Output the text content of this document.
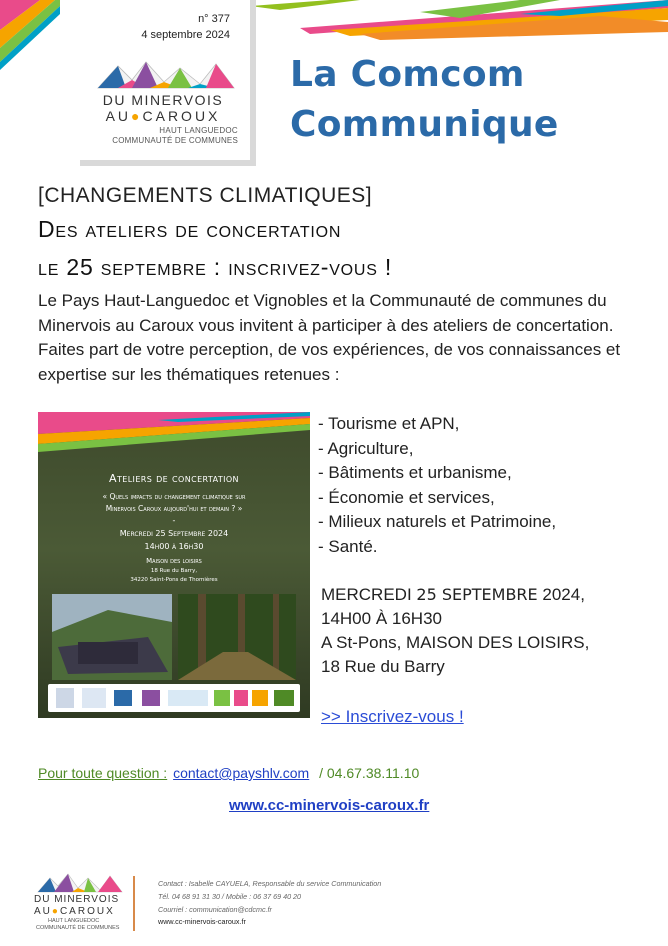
n° 377
4 septembre 2024
DU MINERVOIS
AU●CAROUX
HAUT LANGUEDOC
COMMUNAUTÉ DE COMMUNES
La Comcom
Communique
[CHANGEMENTS CLIMATIQUES]
Des ateliers de concertation
le 25 septembre : inscrivez-vous !
Le Pays Haut-Languedoc et Vignobles et la Communauté de communes du Minervois au Caroux vous invitent à participer à des ateliers de concertation. Faites part de votre perception, de vos expériences, de vos connaissances et expertise sur les thématiques retenues :
Ateliers de concertation
« Quels impacts du changement climatique sur
Minervois Caroux aujourd'hui et demain ? »
-
Mercredi 25 Septembre 2024
14h00 à 16h30
Maison des loisirs
18 Rue du Barry,
34220 Saint-Pons de Thomières
- Tourisme et APN,
- Agriculture,
- Bâtiments et urbanisme,
- Économie et services,
- Milieux naturels et Patrimoine,
- Santé.
MERCREDI 25 SEPTEMBRE 2024,
14H00 À 16H30
A St-Pons, MAISON DES LOISIRS,
18 Rue du Barry
>> Inscrivez-vous !
Pour toute question : contact@payshlv.com / 04.67.38.11.10
www.cc-minervois-caroux.fr
DU MINERVOIS
AU●CAROUX
HAUT LANGUEDOC
COMMUNAUTÉ DE COMMUNES
Contact : Isabelle CAYUELA, Responsable du service Communication
Tél. 04 68 91 31 30 / Mobile : 06 37 69 40 20
Courriel : communication@cdcmc.fr
www.cc-minervois-caroux.fr
